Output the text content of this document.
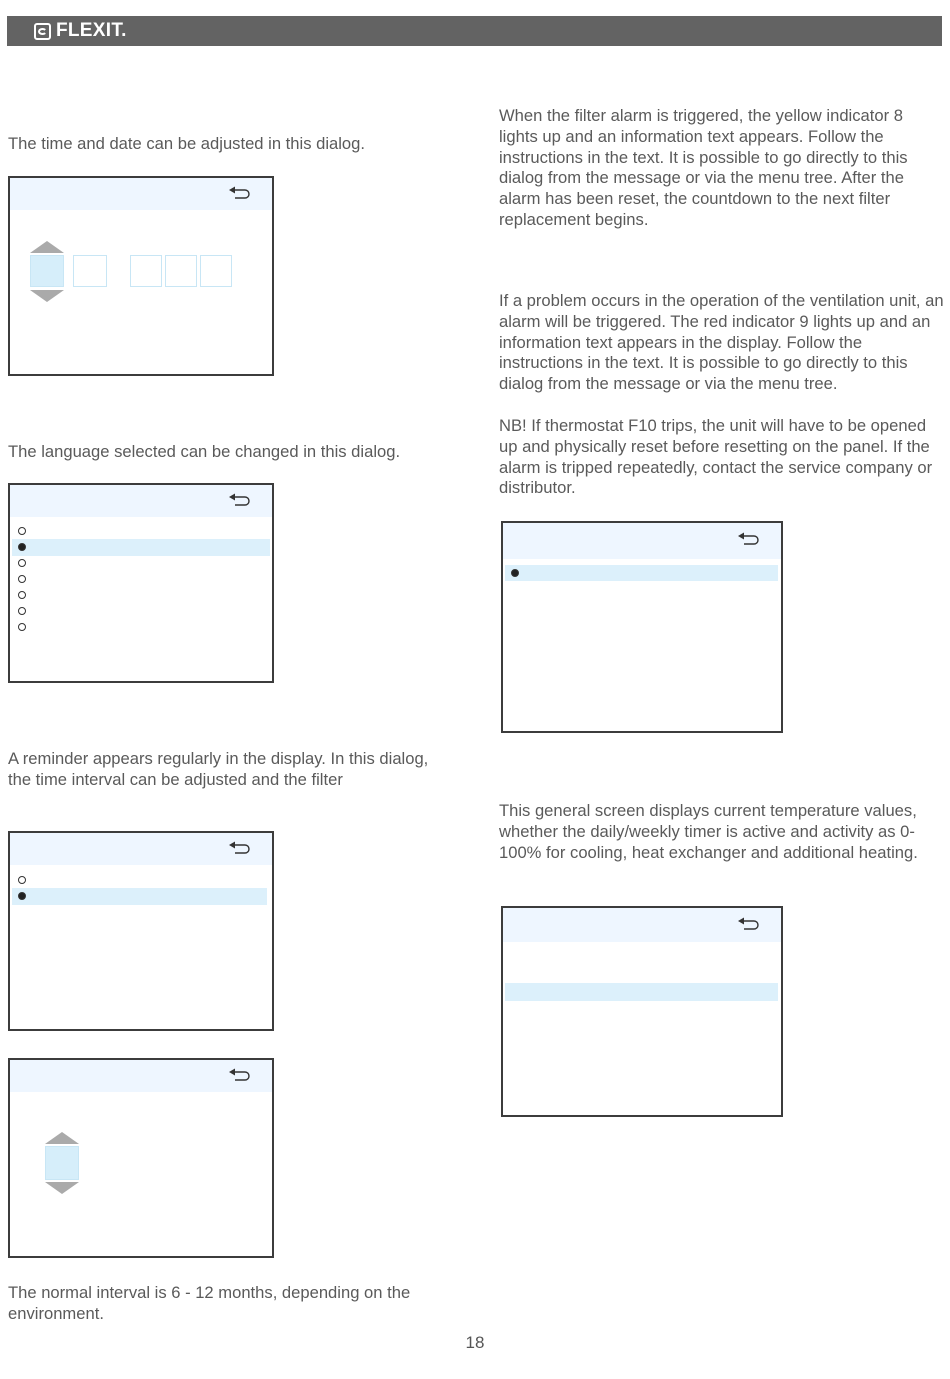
FLEXIT.

The time and date can be adjusted in this dialog.

The language selected can be changed in this dialog.

A reminder appears regularly in the display. In this dialog, the time interval can be adjusted and the filter

The normal interval is 6 - 12 months, depending on the environment.

When the filter alarm is triggered, the yellow indicator 8 lights up and an information text appears. Follow the instructions in the text. It is possible to go directly to this dialog from the message or via the menu tree. After the alarm has been reset, the countdown to the next filter replacement begins.

If a problem occurs in the operation of the ventilation unit, an alarm will be triggered. The red indicator 9 lights up and an information text appears in the display. Follow the instructions in the text. It is possible to go directly to this dialog from the message or via the menu tree.

NB! If thermostat F10 trips, the unit will have to be opened up and physically reset before resetting on the panel. If the alarm is tripped repeatedly, contact the service company or distributor.

This general screen displays current temperature values, whether the daily/weekly timer is active and activity as 0-100% for cooling, heat exchanger and additional heating.

18
